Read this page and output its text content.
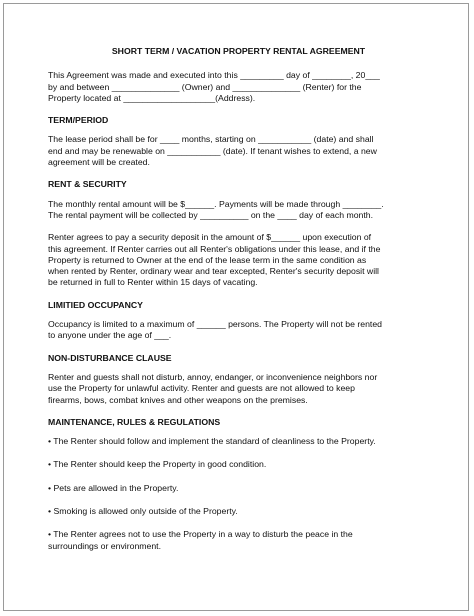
SHORT TERM / VACATION PROPERTY RENTAL AGREEMENT
This Agreement was made and executed into this _________ day of ________, 20___
by and between ______________ (Owner) and ______________ (Renter) for the
Property located at ___________________(Address).
TERM/PERIOD
The lease period shall be for ____ months, starting on ___________ (date) and shall
end and may be renewable on ___________ (date). If tenant wishes to extend, a new
agreement will be created.
RENT & SECURITY
The monthly rental amount will be $______. Payments will be made through ________.
The rental payment will be collected by __________ on the ____ day of each month.
Renter agrees to pay a security deposit in the amount of $______ upon execution of
this agreement. If Renter carries out all Renter's obligations under this lease, and if the
Property is returned to Owner at the end of the lease term in the same condition as
when rented by Renter, ordinary wear and tear excepted, Renter's security deposit will
be returned in full to Renter within 15 days of vacating.
LIMITIED OCCUPANCY
Occupancy is limited to a maximum of ______ persons. The Property will not be rented
to anyone under the age of ___.
NON-DISTURBANCE CLAUSE
Renter and guests shall not disturb, annoy, endanger, or inconvenience neighbors nor
use the Property for unlawful activity. Renter and guests are not allowed to keep
firearms, bows, combat knives and other weapons on the premises.
MAINTENANCE, RULES & REGULATIONS
• The Renter should follow and implement the standard of cleanliness to the Property.
• The Renter should keep the Property in good condition.
• Pets are allowed in the Property.
• Smoking is allowed only outside of the Property.
• The Renter agrees not to use the Property in a way to disturb the peace in the
surroundings or environment.
